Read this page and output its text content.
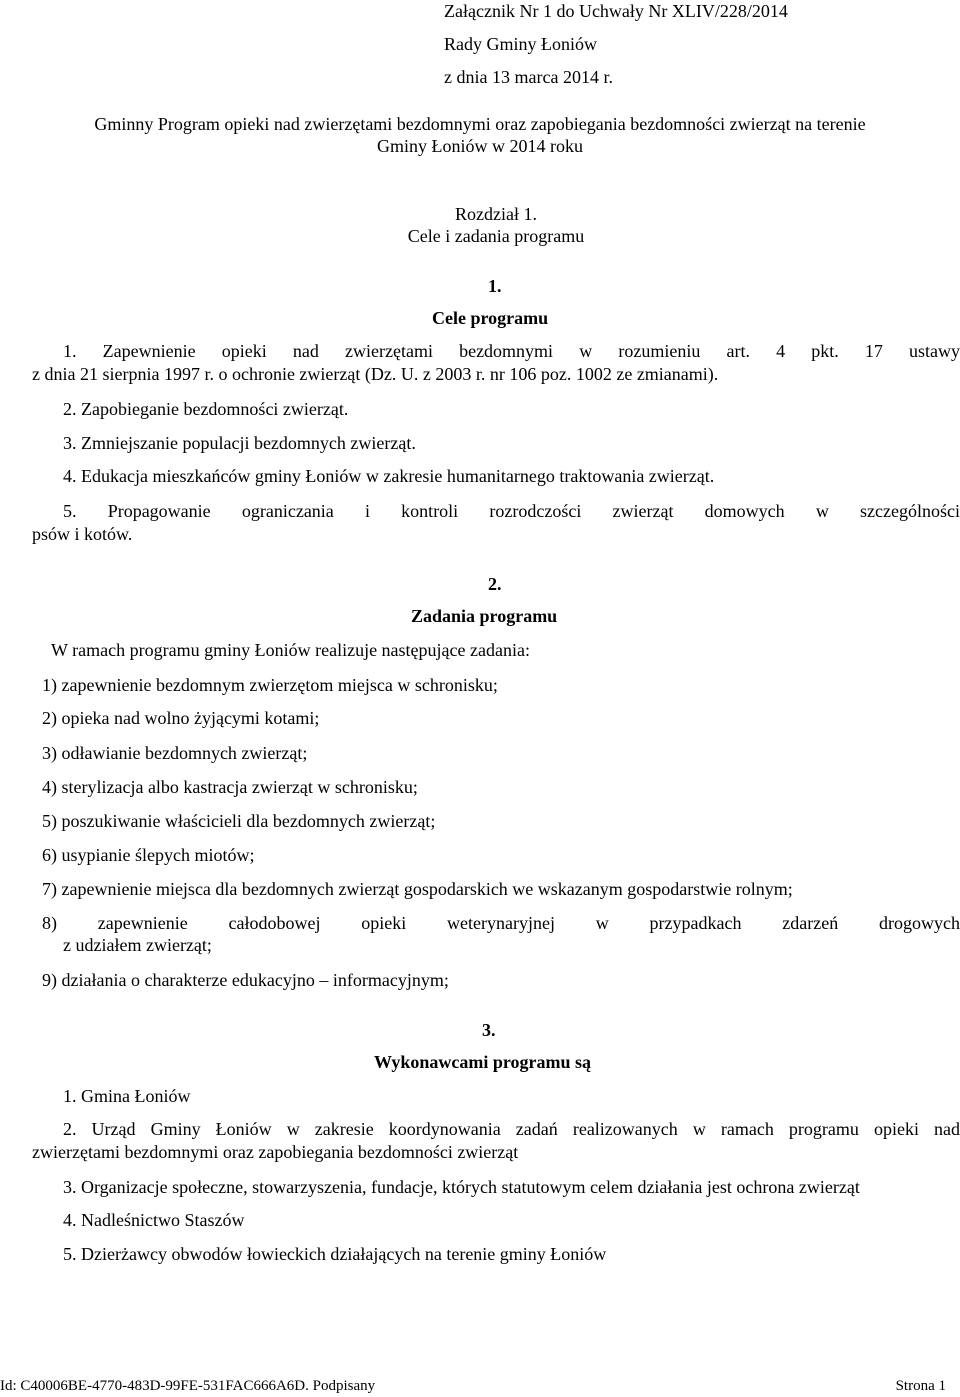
Załącznik Nr 1 do Uchwały Nr XLIV/228/2014
Rady Gminy Łoniów
z dnia 13 marca 2014 r.
Gminny Program opieki nad zwierzętami bezdomnymi oraz zapobiegania bezdomności zwierząt na terenie
Gminy Łoniów w 2014 roku
Rozdział 1.
Cele i zadania programu
1.
Cele programu
1. Zapewnienie opieki nad zwierzętami bezdomnymi w rozumieniu art. 4 pkt. 17 ustawy
z dnia 21 sierpnia 1997 r. o ochronie zwierząt (Dz. U. z 2003 r. nr 106 poz. 1002 ze zmianami).
2. Zapobieganie bezdomności zwierząt.
3. Zmniejszanie populacji bezdomnych zwierząt.
4. Edukacja mieszkańców gminy Łoniów w zakresie humanitarnego traktowania zwierząt.
5. Propagowanie ograniczania i kontroli rozrodczości zwierząt domowych w szczególności
psów i kotów.
2.
Zadania programu
W ramach programu gminy Łoniów realizuje następujące zadania:
1) zapewnienie bezdomnym zwierzętom miejsca w schronisku;
2) opieka nad wolno żyjącymi kotami;
3) odławianie bezdomnych zwierząt;
4) sterylizacja albo kastracja zwierząt w schronisku;
5) poszukiwanie właścicieli dla bezdomnych zwierząt;
6) usypianie ślepych miotów;
7) zapewnienie miejsca dla bezdomnych zwierząt gospodarskich we wskazanym gospodarstwie rolnym;
8) zapewnienie całodobowej opieki weterynaryjnej w przypadkach zdarzeń drogowych
z udziałem zwierząt;
9) działania o charakterze edukacyjno – informacyjnym;
3.
Wykonawcami programu są
1. Gmina Łoniów
2. Urząd Gminy Łoniów w zakresie koordynowania zadań realizowanych w ramach programu opieki nad
zwierzętami bezdomnymi oraz zapobiegania bezdomności zwierząt
3. Organizacje społeczne, stowarzyszenia, fundacje, których statutowym celem działania jest ochrona zwierząt
4. Nadleśnictwo Staszów
5. Dzierżawcy obwodów łowieckich działających na terenie gminy Łoniów
Id: C40006BE-4770-483D-99FE-531FAC666A6D. Podpisany	Strona 1
